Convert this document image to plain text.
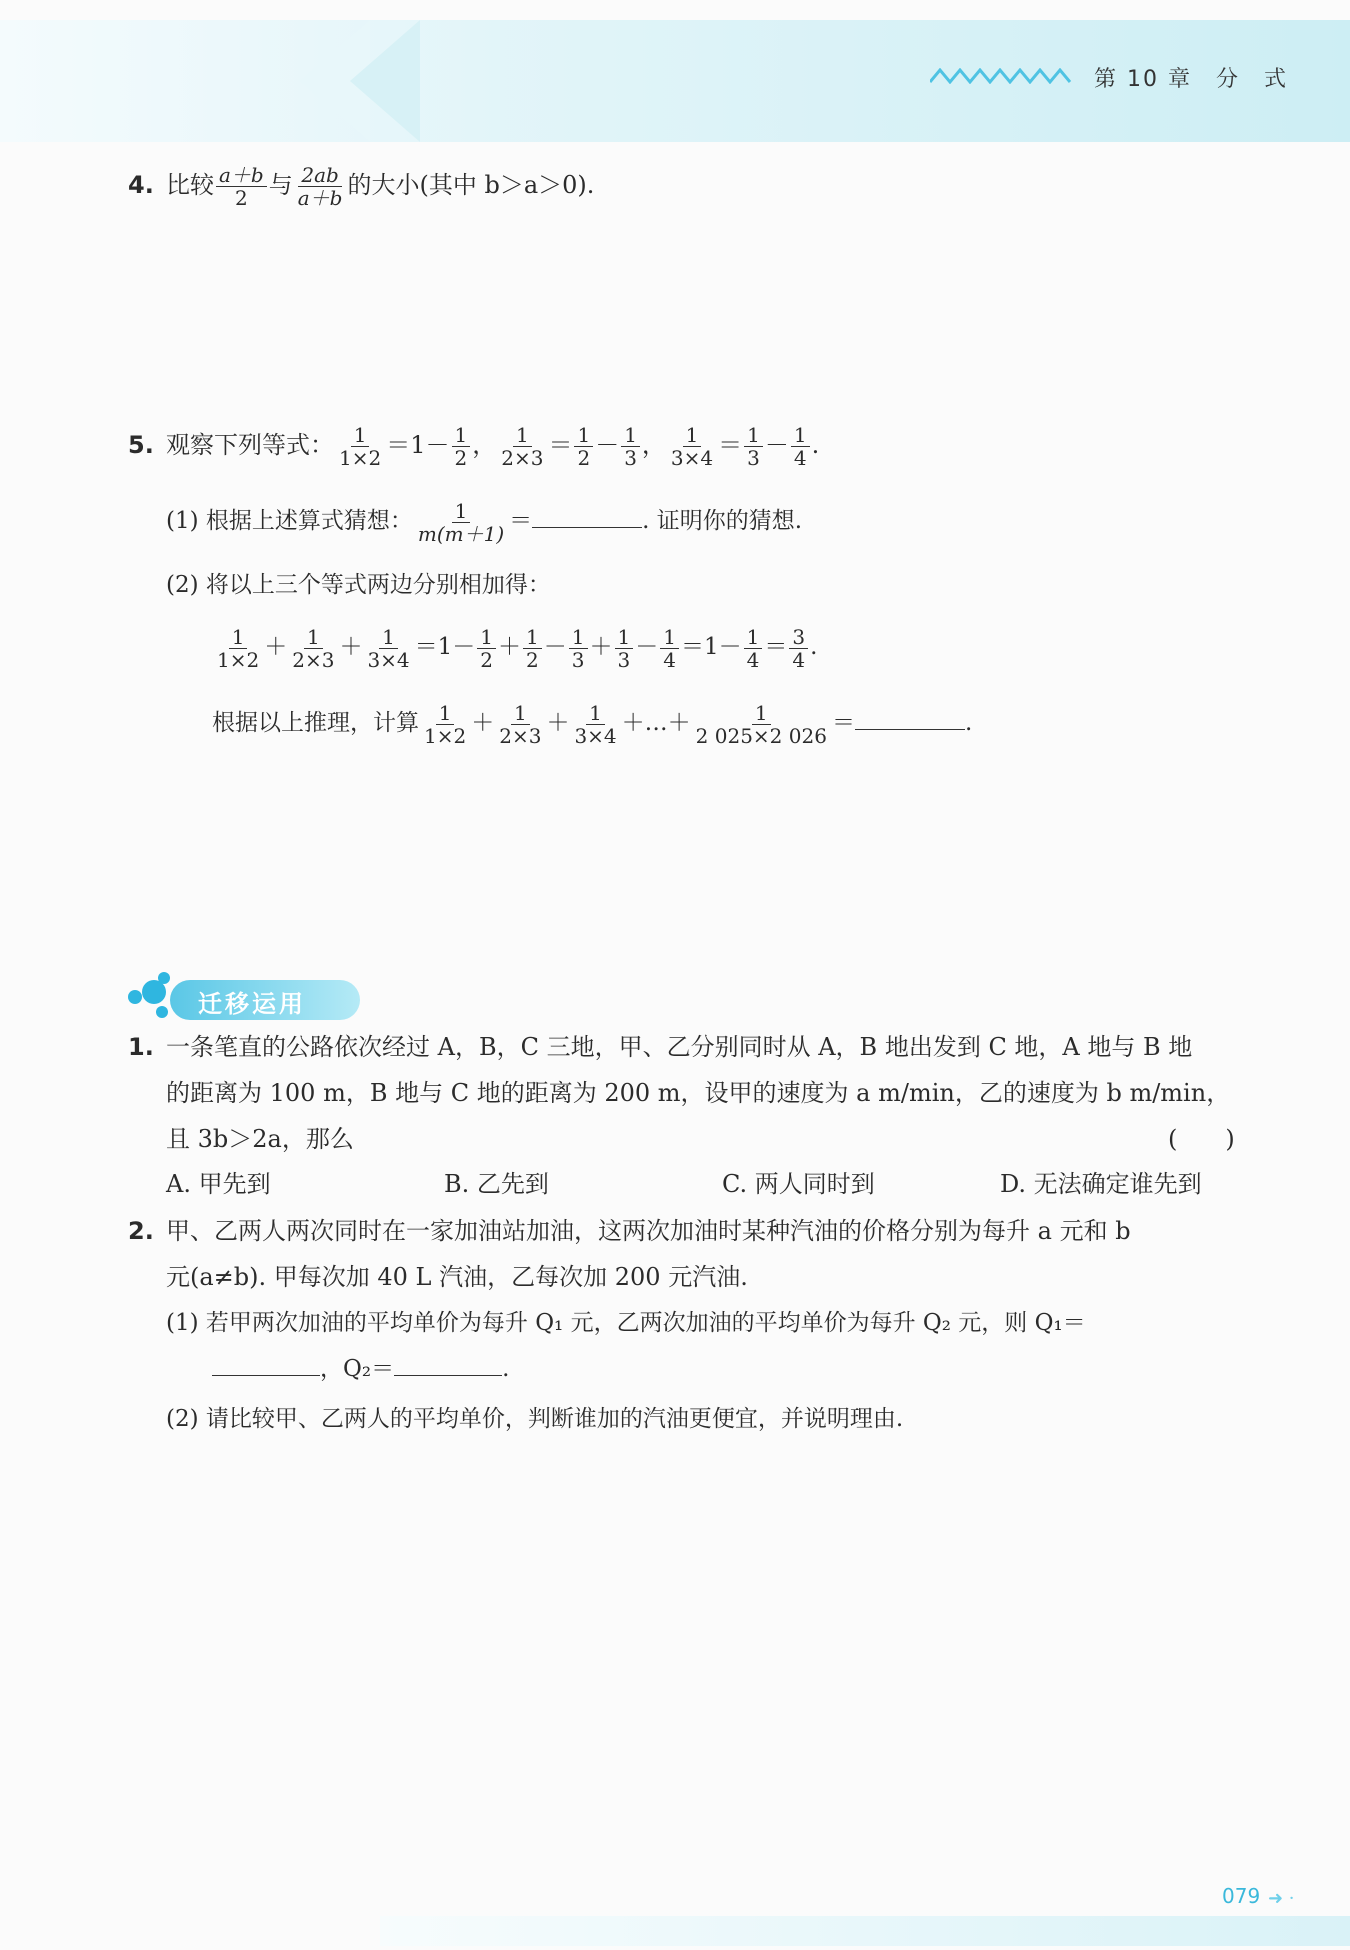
第 10 章　分　式
4. 比较 $\frac{a+b}{2}$ 与 $\frac{2ab}{a+b}$ 的大小(其中 b＞a＞0).
5. 观察下列等式： $\frac{1}{1\times 2} =1- \frac{1}{2}$ ， $\frac{1}{2\times 3} = \frac{1}{2} - \frac{1}{3}$ ， $\frac{1}{3\times 4} = \frac{1}{3} - \frac{1}{4}$ .
(1) 根据上述算式猜想： $\frac{1}{m(m+1)}$ ＝	. 证明你的猜想.
(2) 将以上三个等式两边分别相加得：
$\frac{1}{1\times 2} + \frac{1}{2\times 3} + \frac{1}{3\times 4} =1- \frac{1}{2} + \frac{1}{2} - \frac{1}{3} + \frac{1}{3} - \frac{1}{4} =1- \frac{1}{4} = \frac{3}{4}$ .
根据以上推理，计算 $\frac{1}{1\times 2} + \frac{1}{2\times 3} + \frac{1}{3\times 4}$ ＋…＋ $\frac{1}{2 025\times 2 026}$ ＝	.
迁移运用
1. 一条笔直的公路依次经过 A，B，C 三地，甲、乙分别同时从 A，B 地出发到 C 地，A 地与 B 地
的距离为 100 m，B 地与 C 地的距离为 200 m，设甲的速度为 a m/min，乙的速度为 b m/min，
且 3b＞2a，那么	(　　)
A. 甲先到	B. 乙先到	C. 两人同时到	D. 无法确定谁先到
2. 甲、乙两人两次同时在一家加油站加油，这两次加油时某种汽油的价格分别为每升 a 元和 b
元(a≠b). 甲每次加 40 L 汽油，乙每次加 200 元汽油.
(1) 若甲两次加油的平均单价为每升 Q₁ 元，乙两次加油的平均单价为每升 Q₂ 元，则 Q₁＝
，Q₂＝	.
(2) 请比较甲、乙两人的平均单价，判断谁加的汽油更便宜，并说明理由.
079 ➜ ·
